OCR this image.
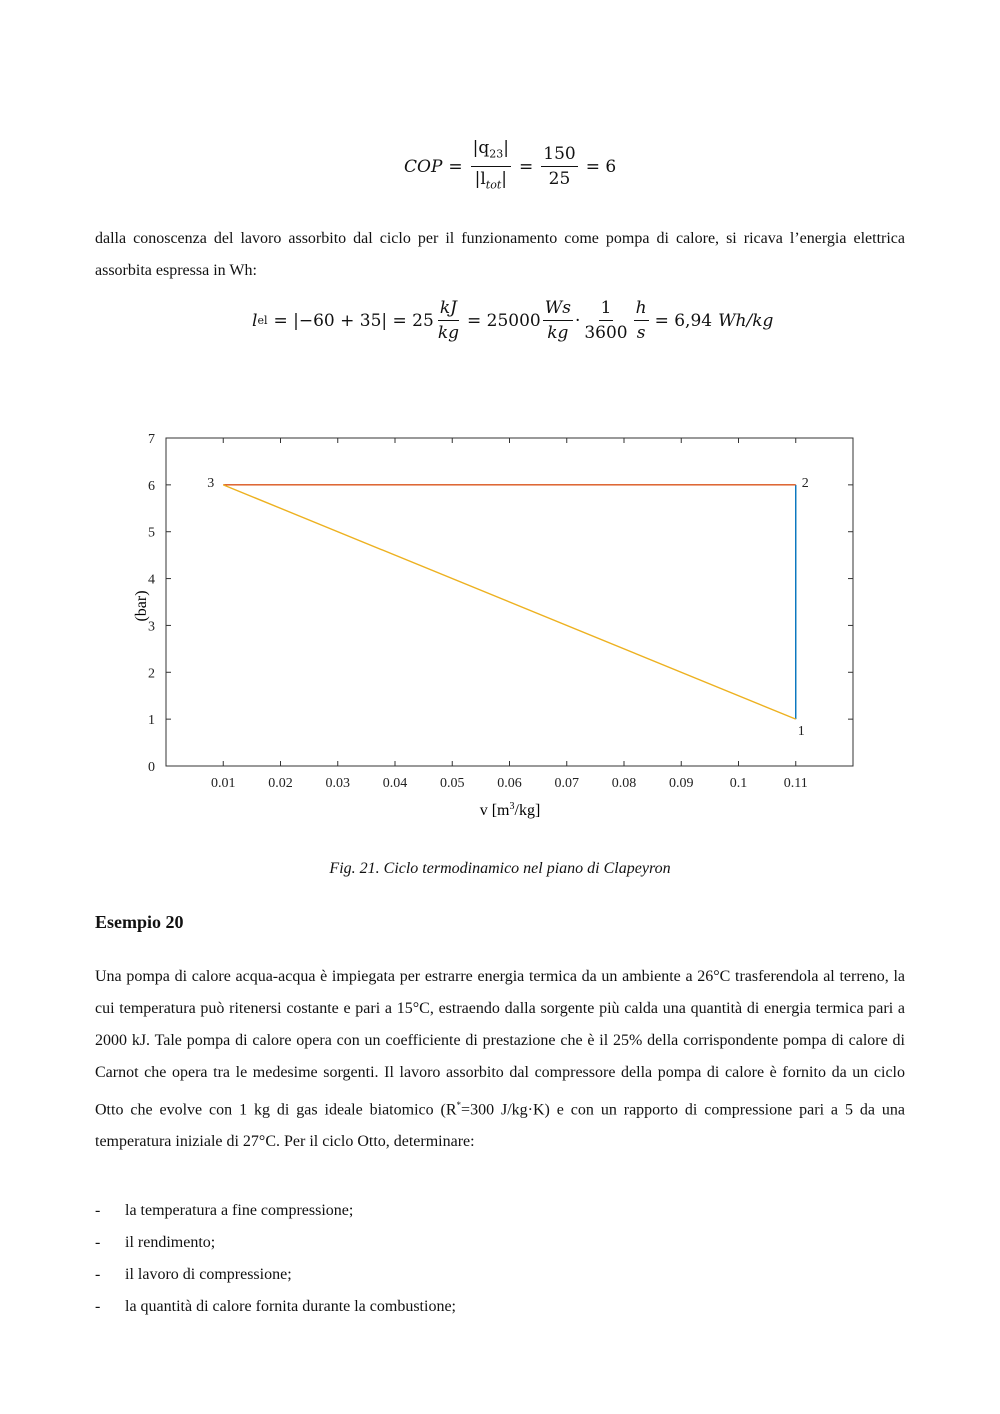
COP = $\frac{|q_{23}|}{|l_{tot}|} = \frac{150}{25} = 6$
dalla conoscenza del lavoro assorbito dal ciclo per il funzionamento come pompa di calore, si ricava l’energia elettrica assorbita espressa in Wh:
l el = $|-60 + 35| = 25 \frac{kJ}{kg} = 25000 \frac{Ws}{kg} \cdot \frac{1}{3600} \frac{h}{s} = 6,94$ Wh/kg
0.01 0.02 0.03 0.04 0.05 0.06 0.07 0.08 0.09	0.1	0.11
0
1
2
3
4
5
6
7
1
2
3
(bar)
v $[m^3/kg]$
Fig. 21. Ciclo termodinamico nel piano di Clapeyron
Esempio 20
Una pompa di calore acqua-acqua è impiegata per estrarre energia termica da un ambiente a 26°C trasferendola al terreno, la cui temperatura può ritenersi costante e pari a 15°C, estraendo dalla sorgente più calda una quantità di energia termica pari a 2000 kJ. Tale pompa di calore opera con un coefficiente di prestazione che è il 25% della corrispondente pompa di calore di Carnot che opera tra le medesime sorgenti. Il lavoro assorbito dal compressore della pompa di calore è fornito da un ciclo Otto che evolve con 1 kg di gas ideale biatomico (R*=300 J/kg·K) e con un rapporto di compressione pari a 5 da una temperatura iniziale di 27°C. Per il ciclo Otto, determinare:
-	la temperatura a fine compressione;
-	il rendimento;
-	il lavoro di compressione;
-	la quantità di calore fornita durante la combustione;
